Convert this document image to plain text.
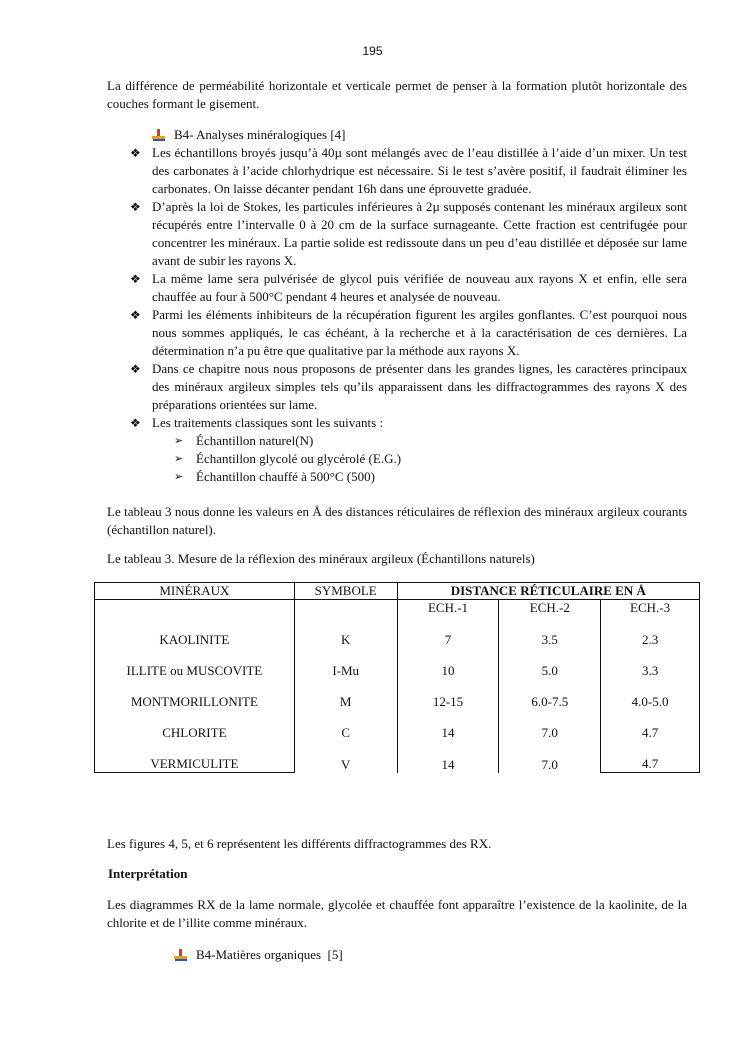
195

La différence de perméabilité horizontale et verticale permet de penser à la formation plutôt horizontale des couches formant le gisement.

B4- Analyses minéralogiques [4]
❖ Les échantillons broyés jusqu’à 40µ sont mélangés avec de l’eau distillée à l’aide d’un mixer. Un test des carbonates à l’acide chlorhydrique est nécessaire. Si le test s’avère positif, il faudrait éliminer les carbonates. On laisse décanter pendant 16h dans une éprouvette graduée.
❖ D’après la loi de Stokes, les particules inférieures à 2µ supposés contenant les minéraux argileux sont récupérés entre l’intervalle 0 à 20 cm de la surface surnageante. Cette fraction est centrifugée pour concentrer les minéraux. La partie solide est redissoute dans un peu d’eau distillée et déposée sur lame avant de subir les rayons X.
❖ La même lame sera pulvérisée de glycol puis vérifiée de nouveau aux rayons X et enfin, elle sera chauffée au four à 500°C pendant 4 heures et analysée de nouveau.
❖ Parmi les éléments inhibiteurs de la récupération figurent les argiles gonflantes. C’est pourquoi nous nous sommes appliqués, le cas échéant, à la recherche et à la caractérisation de ces dernières. La détermination n’a pu être que qualitative par la méthode aux rayons X.
❖ Dans ce chapitre nous nous proposons de présenter dans les grandes lignes, les caractères principaux des minéraux argileux simples tels qu’ils apparaissent dans les diffractogrammes des rayons X des préparations orientées sur lame.
❖ Les traitements classiques sont les suivants :
➢ Échantillon naturel(N)
➢ Échantillon glycolé ou glycérolé (E.G.)
➢ Échantillon chauffé à 500°C (500)

Le tableau 3 nous donne les valeurs en Å des distances réticulaires de réflexion des minéraux argileux courants (échantillon naturel).

Le tableau 3. Mesure de la réflexion des minéraux argileux (Échantillons naturels)

MINÉRAUX	SYMBOLE	DISTANCE RÉTICULAIRE EN Å		
		ECH.-1	ECH.-2	ECH.-3
KAOLINITE	K	7	3.5	2.3
ILLITE ou MUSCOVITE	I-Mu	10	5.0	3.3
MONTMORILLONITE	M	12-15	6.0-7.5	4.0-5.0
CHLORITE	C	14	7.0	4.7
VERMICULITE	V	14	7.0	4.7

Les figures 4, 5, et 6 représentent les différents diffractogrammes des RX.

Interprétation

Les diagrammes RX de la lame normale, glycolée et chauffée font apparaître l’existence de la kaolinite, de la chlorite et de l’illite comme minéraux.

B4-Matières organiques  [5]
